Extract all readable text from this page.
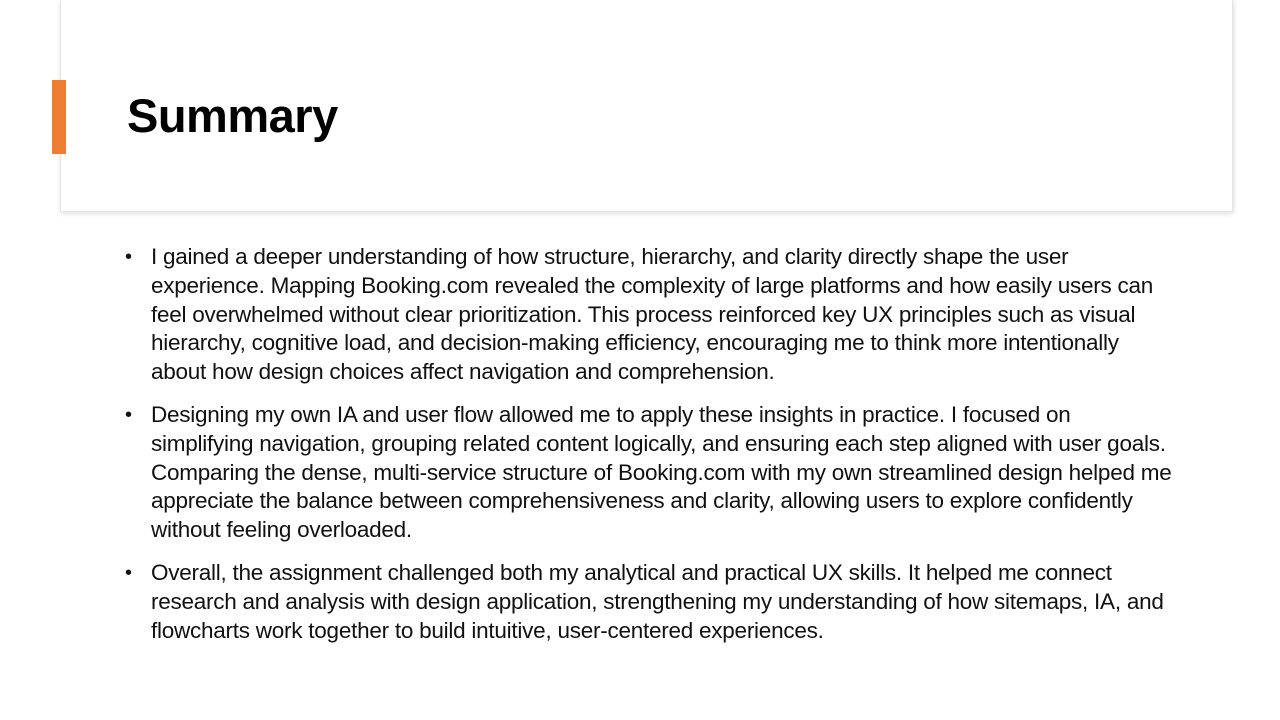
Summary
• I gained a deeper understanding of how structure, hierarchy, and clarity directly shape the user experience. Mapping Booking.com revealed the complexity of large platforms and how easily users can feel overwhelmed without clear prioritization. This process reinforced key UX principles such as visual hierarchy, cognitive load, and decision-making efficiency, encouraging me to think more intentionally about how design choices affect navigation and comprehension.
• Designing my own IA and user flow allowed me to apply these insights in practice. I focused on simplifying navigation, grouping related content logically, and ensuring each step aligned with user goals. Comparing the dense, multi-service structure of Booking.com with my own streamlined design helped me appreciate the balance between comprehensiveness and clarity, allowing users to explore confidently without feeling overloaded.
• Overall, the assignment challenged both my analytical and practical UX skills. It helped me connect research and analysis with design application, strengthening my understanding of how sitemaps, IA, and flowcharts work together to build intuitive, user-centered experiences.
